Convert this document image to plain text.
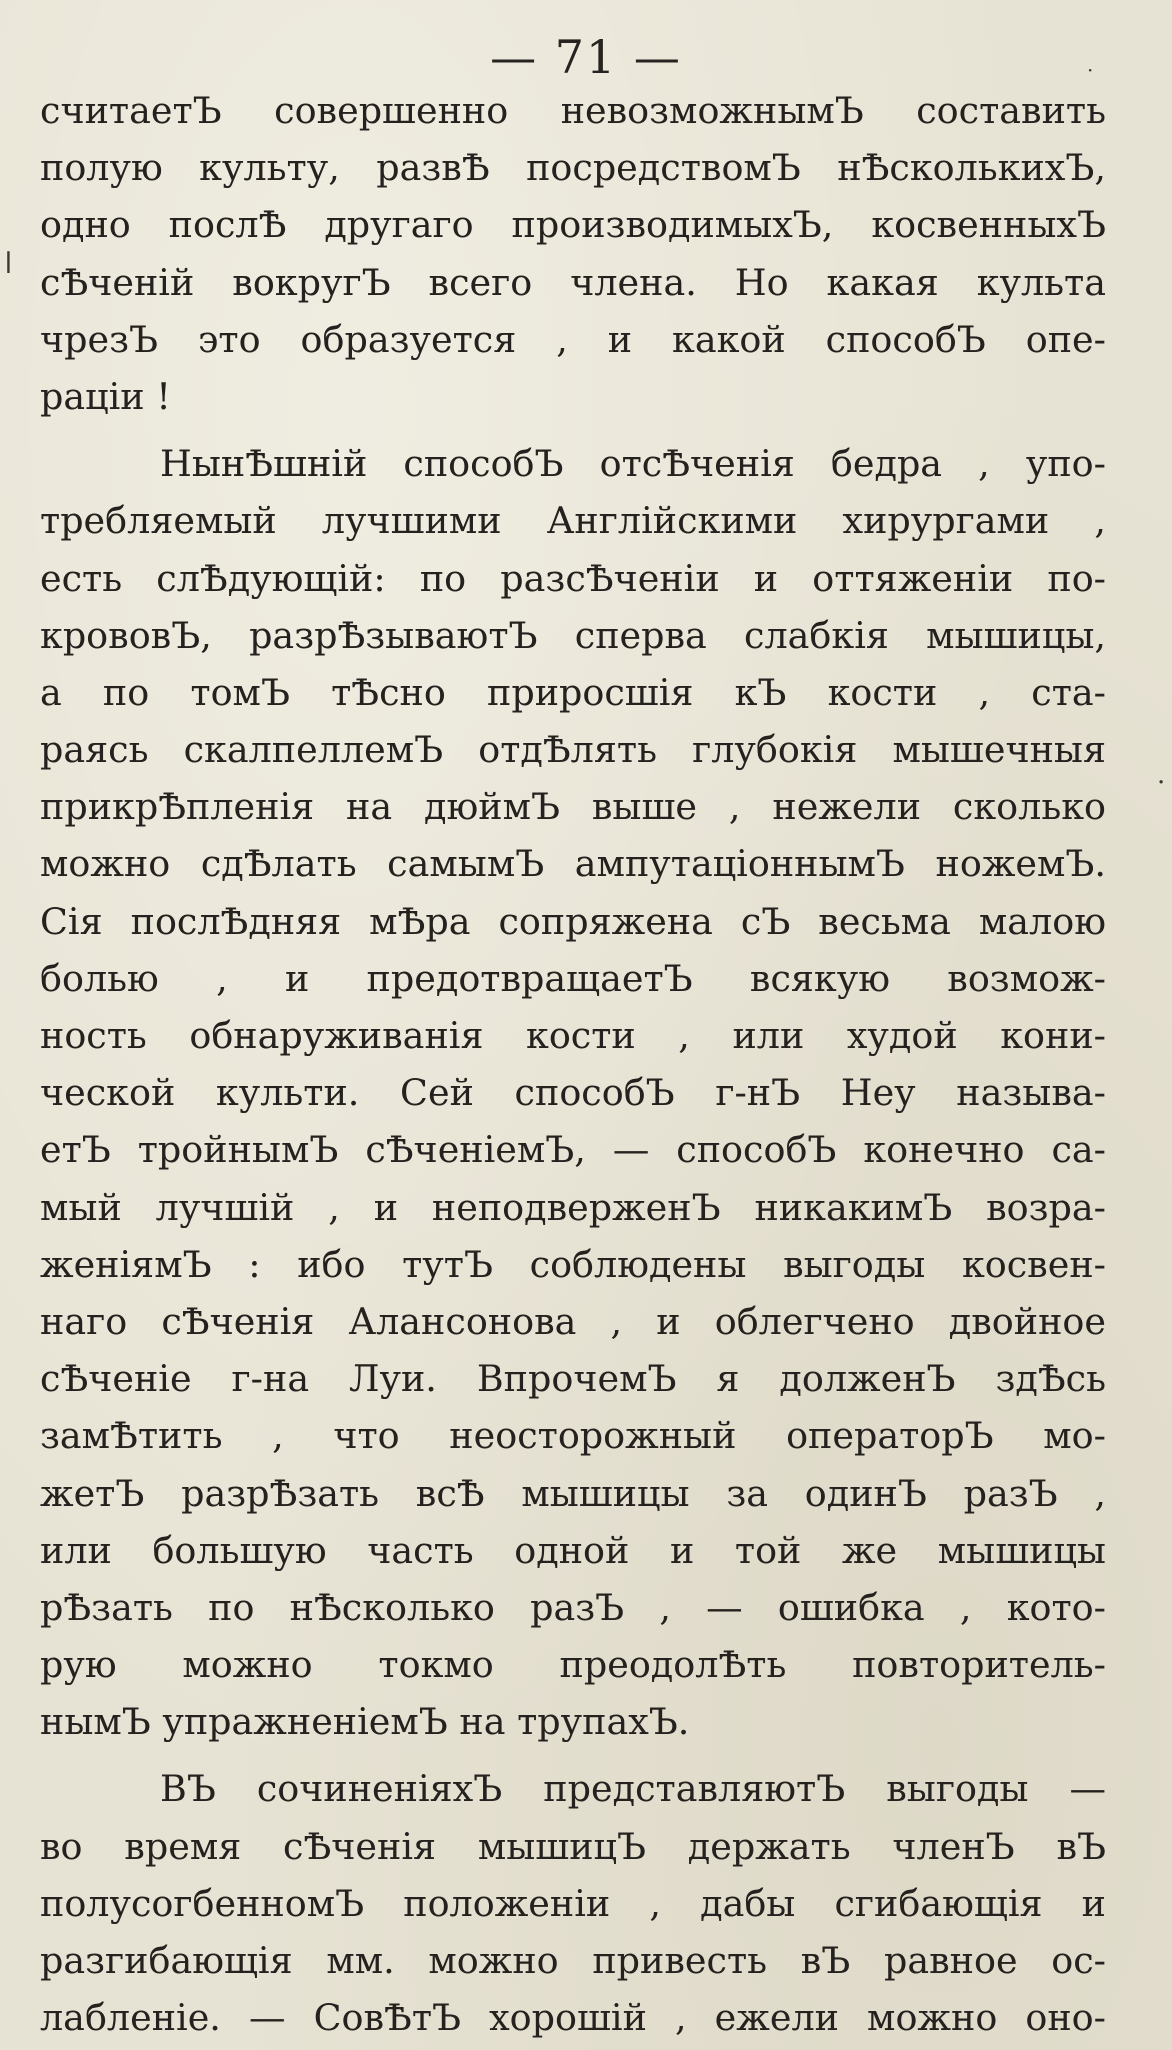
— 71 —
считаетЪ совершенно невозможнымЪ составить
полую культу, развѢ посредствомЪ нѢсколькихЪ,
одно послѢ другаго производимыхЪ, косвенныхЪ
сѢченій вокругЪ всего члена. Но какая культа
чрезЪ это образуется , и какой способЪ опе-
раціи !
НынѢшній способЪ отсѢченія бедра , упо-
требляемый лучшими Англійскими хирургами ,
есть слѢдующій: по разсѢченіи и оттяженіи по-
крововЪ, разрѢзываютЪ сперва слабкія мышицы,
а по томЪ тѢсно приросшія кЪ кости , ста-
раясь скалпеллемЪ отдѢлять глубокія мышечныя
прикрѢпленія на дюймЪ выше , нежели сколько
можно сдѢлать самымЪ ампутаціоннымЪ ножемЪ.
Сія послѢдняя мѢра сопряжена сЪ весьма малою
болью , и предотвращаетЪ всякую возмож-
ность обнаруживанія кости , или худой кони-
ческой культи. Сей способЪ г-нЪ Неу называ-
етЪ тройнымЪ сѢченіемЪ, — способЪ конечно са-
мый лучшій , и неподверженЪ никакимЪ возра-
женіямЪ : ибо тутЪ соблюдены выгоды косвен-
наго сѢченія Алансонова , и облегчено двойное
сѢченіе г-на Луи. ВпрочемЪ я долженЪ здѢсь
замѢтить , что неосторожный операторЪ мо-
жетЪ разрѢзать всѢ мышицы за одинЪ разЪ ,
или большую часть одной и той же мышицы
рѢзать по нѢсколько разЪ , — ошибка , кото-
рую можно токмо преодолѢть повторитель-
нымЪ упражненіемЪ на трупахЪ.
ВЪ сочиненіяхЪ представляютЪ выгоды —
во время сѢченія мышицЪ держать членЪ вЪ
полусогбенномЪ положеніи , дабы сгибающія и
разгибающія мм. можно привесть вЪ равное ос-
лабленіе. — СовѢтЪ хорошій , ежели можно оно-
ǀ
·
·
